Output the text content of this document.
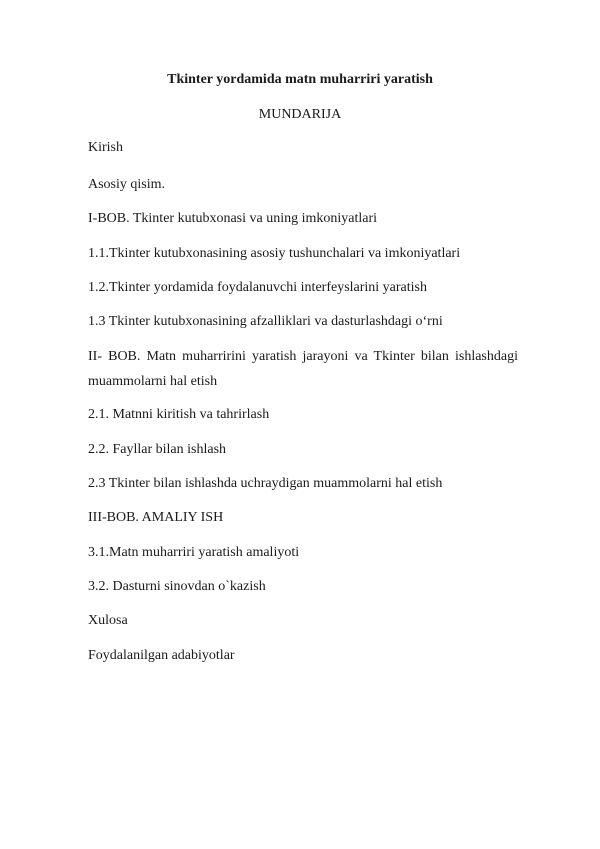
Tkinter yordamida matn muharriri yaratish
MUNDARIJA
Kirish
Asosiy qisim.
I-BOB. Tkinter kutubxonasi va uning imkoniyatlari
1.1.Tkinter kutubxonasining asosiy tushunchalari va imkoniyatlari
1.2.Tkinter yordamida foydalanuvchi interfeyslarini yaratish
1.3 Tkinter kutubxonasining afzalliklari va dasturlashdagi o‘rni
II- BOB. Matn muharririni yaratish jarayoni va Tkinter bilan ishlashdagi muammolarni hal etish
2.1. Matnni kiritish va tahrirlash
2.2. Fayllar bilan ishlash
2.3 Tkinter bilan ishlashda uchraydigan muammolarni hal etish
III-BOB. AMALIY ISH
3.1.Matn muharriri yaratish amaliyoti
3.2. Dasturni sinovdan o`kazish
Xulosa
Foydalanilgan adabiyotlar
